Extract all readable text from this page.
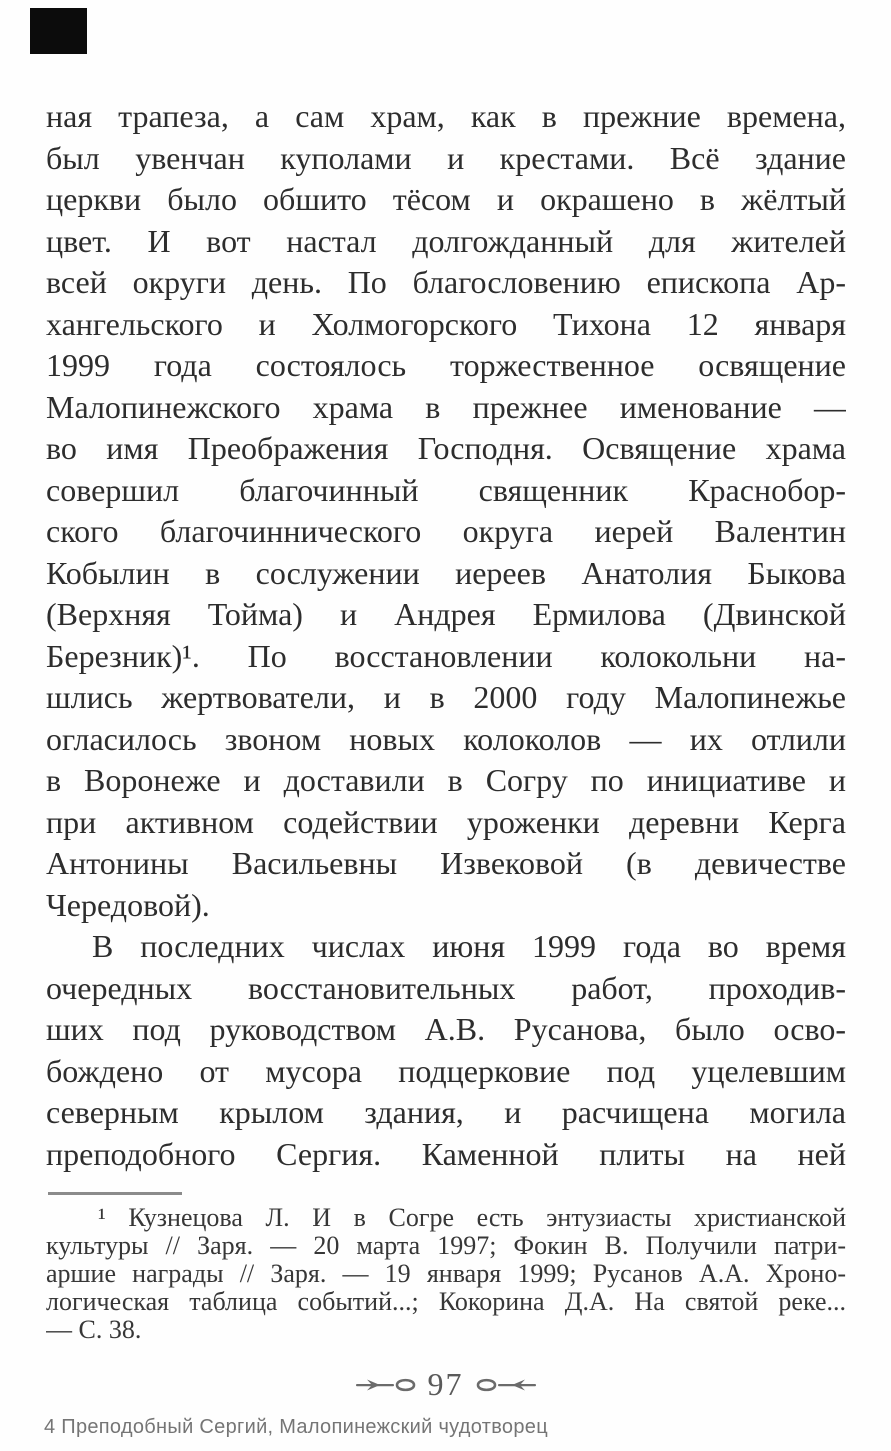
ная трапеза, а сам храм, как в прежние времена,
был увенчан куполами и крестами. Всё здание
церкви было обшито тёсом и окрашено в жёлтый
цвет. И вот настал долгожданный для жителей
всей округи день. По благословению епископа Ар-
хангельского и Холмогорского Тихона 12 января
1999 года состоялось торжественное освящение
Малопинежского храма в прежнее именование —
во имя Преображения Господня. Освящение храма
совершил благочинный священник Краснобор-
ского благочиннического округа иерей Валентин
Кобылин в сослужении иереев Анатолия Быкова
(Верхняя Тойма) и Андрея Ермилова (Двинской
Березник)¹. По восстановлении колокольни на-
шлись жертвователи, и в 2000 году Малопинежье
огласилось звоном новых колоколов — их отлили
в Воронеже и доставили в Согру по инициативе и
при активном содействии уроженки деревни Керга
Антонины Васильевны Извековой (в девичестве
Чередовой).
В последних числах июня 1999 года во время
очередных восстановительных работ, проходив-
ших под руководством А.В. Русанова, было осво-
бождено от мусора подцерковие под уцелевшим
северным крылом здания, и расчищена могила
преподобного Сергия. Каменной плиты на ней
¹ Кузнецова Л. И в Согре есть энтузиасты христианской
культуры // Заря. — 20 марта 1997; Фокин В. Получили патри-
аршие награды // Заря. — 19 января 1999; Русанов А.А. Хроно-
логическая таблица событий...; Кокорина Д.А. На святой реке...
— С. 38.
97
4 Преподобный Сергий, Малопинежский чудотворец
